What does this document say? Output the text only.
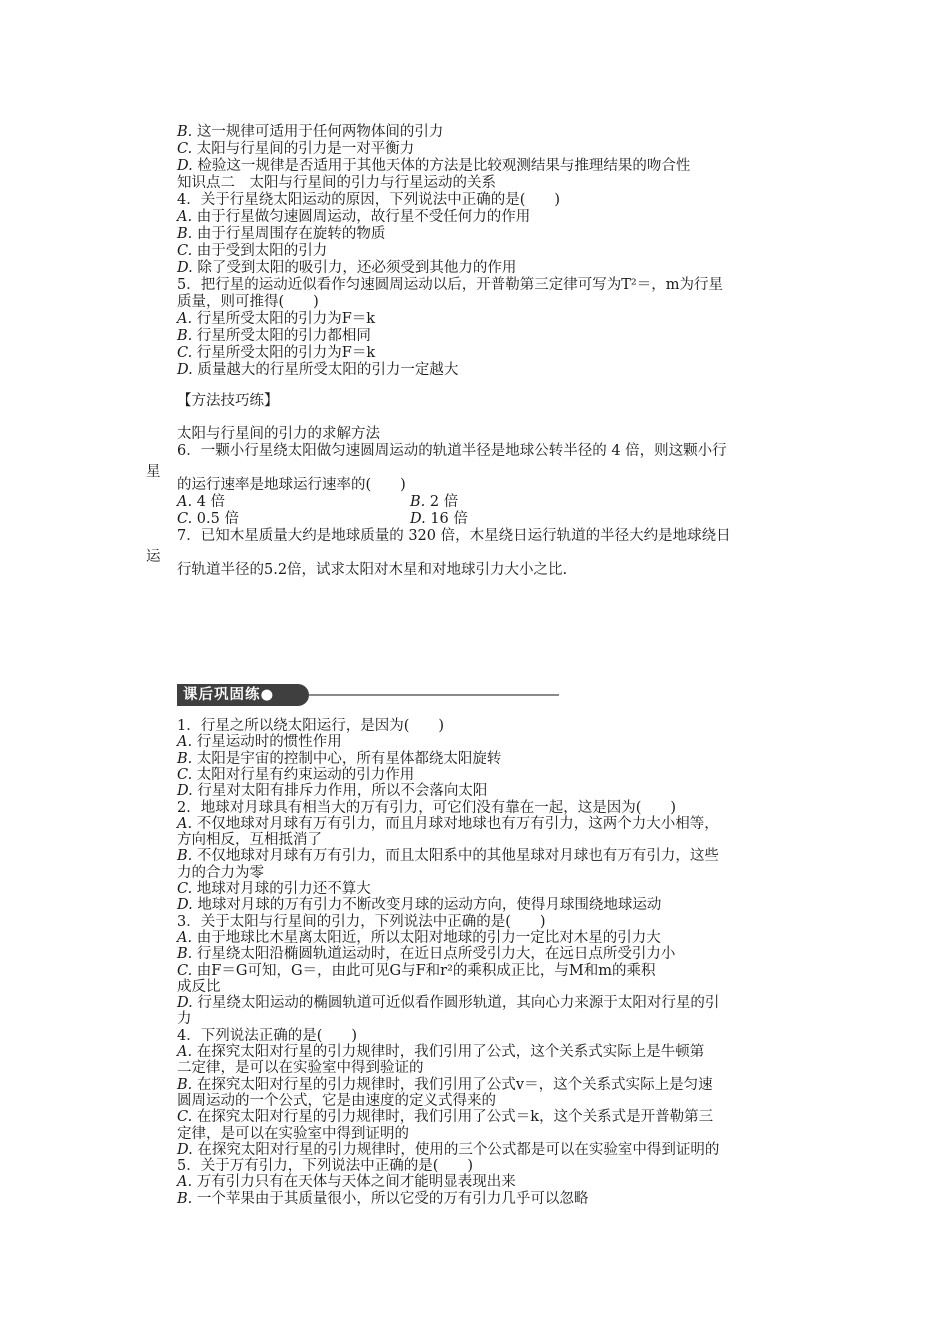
B. 这一规律可适用于任何两物体间的引力
C. 太阳与行星间的引力是一对平衡力
D. 检验这一规律是否适用于其他天体的方法是比较观测结果与推理结果的吻合性
知识点二　太阳与行星间的引力与行星运动的关系
4．关于行星绕太阳运动的原因，下列说法中正确的是(　　)
A. 由于行星做匀速圆周运动，故行星不受任何力的作用
B. 由于行星周围存在旋转的物质
C. 由于受到太阳的引力
D. 除了受到太阳的吸引力，还必须受到其他力的作用
5．把行星的运动近似看作匀速圆周运动以后，开普勒第三定律可写为T²＝，m为行星
质量，则可推得(　　)
A. 行星所受太阳的引力为F＝k
B. 行星所受太阳的引力都相同
C. 行星所受太阳的引力为F＝k
D. 质量越大的行星所受太阳的引力一定越大
【方法技巧练】
太阳与行星间的引力的求解方法
6．一颗小行星绕太阳做匀速圆周运动的轨道半径是地球公转半径的 4 倍，则这颗小行
星
的运行速率是地球运行速率的(　　)
A. 4 倍	B. 2 倍
C. 0.5 倍	D. 16 倍
7．已知木星质量大约是地球质量的 320 倍，木星绕日运行轨道的半径大约是地球绕日
运
行轨道半径的5.2倍，试求太阳对木星和对地球引力大小之比.
课后巩固练●
1．行星之所以绕太阳运行，是因为(　　)
A. 行星运动时的惯性作用
B. 太阳是宇宙的控制中心，所有星体都绕太阳旋转
C. 太阳对行星有约束运动的引力作用
D. 行星对太阳有排斥力作用，所以不会落向太阳
2．地球对月球具有相当大的万有引力，可它们没有靠在一起，这是因为(　　)
A. 不仅地球对月球有万有引力，而且月球对地球也有万有引力，这两个力大小相等，
方向相反，互相抵消了
B. 不仅地球对月球有万有引力，而且太阳系中的其他星球对月球也有万有引力，这些
力的合力为零
C. 地球对月球的引力还不算大
D. 地球对月球的万有引力不断改变月球的运动方向，使得月球围绕地球运动
3．关于太阳与行星间的引力，下列说法中正确的是(　　)
A. 由于地球比木星离太阳近，所以太阳对地球的引力一定比对木星的引力大
B. 行星绕太阳沿椭圆轨道运动时，在近日点所受引力大，在远日点所受引力小
C. 由F＝G可知，G＝，由此可见G与F和r²的乘积成正比，与M和m的乘积
成反比
D. 行星绕太阳运动的椭圆轨道可近似看作圆形轨道，其向心力来源于太阳对行星的引
力
4．下列说法正确的是(　　)
A. 在探究太阳对行星的引力规律时，我们引用了公式，这个关系式实际上是牛顿第
二定律，是可以在实验室中得到验证的
B. 在探究太阳对行星的引力规律时，我们引用了公式v＝，这个关系式实际上是匀速
圆周运动的一个公式，它是由速度的定义式得来的
C. 在探究太阳对行星的引力规律时，我们引用了公式＝k，这个关系式是开普勒第三
定律，是可以在实验室中得到证明的
D. 在探究太阳对行星的引力规律时，使用的三个公式都是可以在实验室中得到证明的
5．关于万有引力，下列说法中正确的是(　　)
A. 万有引力只有在天体与天体之间才能明显表现出来
B. 一个苹果由于其质量很小，所以它受的万有引力几乎可以忽略
